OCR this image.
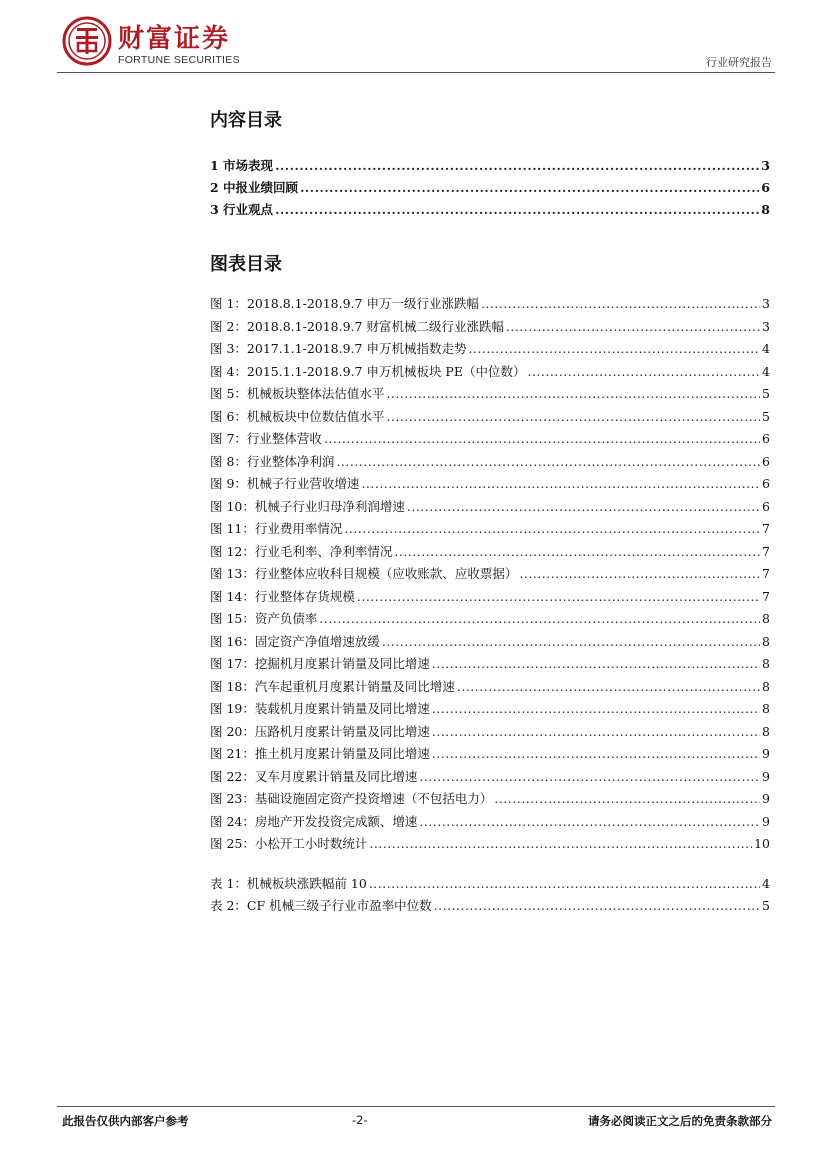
财富证券
FORTUNE SECURITIES	行业研究报告
内容目录
1 市场表现 .....	3
2 中报业绩回顾 .....	6
3 行业观点 .....	8
图表目录
图 1：2018.8.1-2018.9.7 申万一级行业涨跌幅 .....	3
图 2：2018.8.1-2018.9.7 财富机械二级行业涨跌幅 .....	3
图 3：2017.1.1-2018.9.7 申万机械指数走势 .....	4
图 4：2015.1.1-2018.9.7 申万机械板块 PE（中位数） .....	4
图 5：机械板块整体法估值水平 .....	5
图 6：机械板块中位数估值水平 .....	5
图 7：行业整体营收 .....	6
图 8：行业整体净利润 .....	6
图 9：机械子行业营收增速 .....	6
图 10：机械子行业归母净利润增速 .....	6
图 11：行业费用率情况 .....	7
图 12：行业毛利率、净利率情况 .....	7
图 13：行业整体应收科目规模（应收账款、应收票据） .....	7
图 14：行业整体存货规模 .....	7
图 15：资产负债率 .....	8
图 16：固定资产净值增速放缓 .....	8
图 17：挖掘机月度累计销量及同比增速 .....	8
图 18：汽车起重机月度累计销量及同比增速 .....	8
图 19：装载机月度累计销量及同比增速 .....	8
图 20：压路机月度累计销量及同比增速 .....	8
图 21：推土机月度累计销量及同比增速 .....	9
图 22：叉车月度累计销量及同比增速 .....	9
图 23：基础设施固定资产投资增速（不包括电力） .....	9
图 24：房地产开发投资完成额、增速 .....	9
图 25：小松开工小时数统计 .....	10
表 1：机械板块涨跌幅前 10 .....	4
表 2：CF 机械三级子行业市盈率中位数 .....	5
此报告仅供内部客户参考	-2-	请务必阅读正文之后的免责条款部分
